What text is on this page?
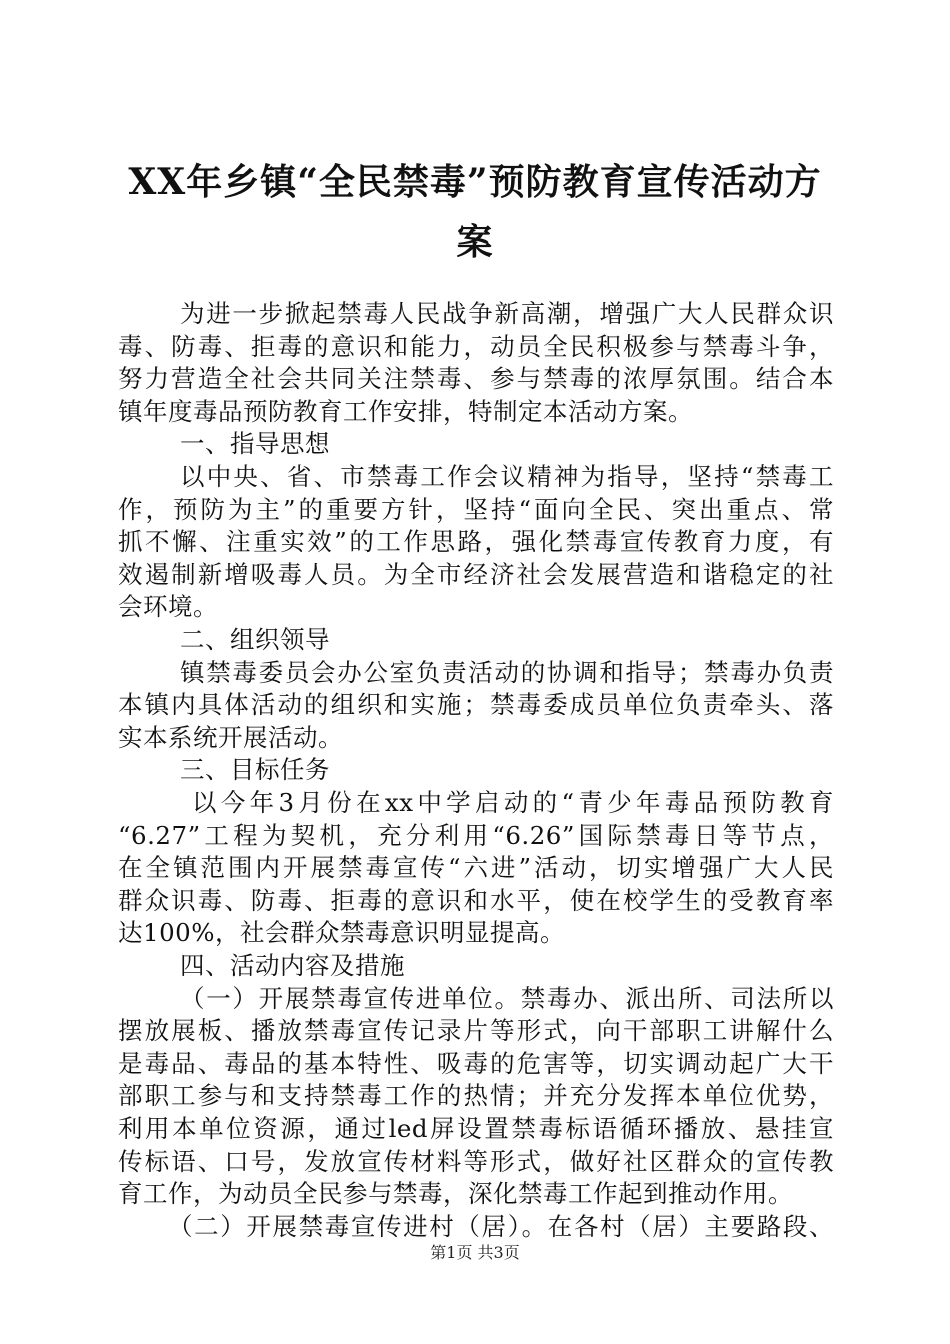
XX年乡镇“全民禁毒”预防教育宣传活动方
案
为进一步掀起禁毒人民战争新高潮，增强广大人民群众识
毒、防毒、拒毒的意识和能力，动员全民积极参与禁毒斗争，
努力营造全社会共同关注禁毒、参与禁毒的浓厚氛围。结合本
镇年度毒品预防教育工作安排，特制定本活动方案。
一、指导思想
以中央、省、市禁毒工作会议精神为指导，坚持“禁毒工
作，预防为主”的重要方针，坚持“面向全民、突出重点、常
抓不懈、注重实效”的工作思路，强化禁毒宣传教育力度，有
效遏制新增吸毒人员。为全市经济社会发展营造和谐稳定的社
会环境。
二、组织领导
镇禁毒委员会办公室负责活动的协调和指导；禁毒办负责
本镇内具体活动的组织和实施；禁毒委成员单位负责牵头、落
实本系统开展活动。
三、目标任务
以今年3月份在xx中学启动的“青少年毒品预防教育
“6.27”工程为契机，充分利用“6.26”国际禁毒日等节点，
在全镇范围内开展禁毒宣传“六进”活动，切实增强广大人民
群众识毒、防毒、拒毒的意识和水平，使在校学生的受教育率
达100%，社会群众禁毒意识明显提高。
四、活动内容及措施
（一）开展禁毒宣传进单位。禁毒办、派出所、司法所以
摆放展板、播放禁毒宣传记录片等形式，向干部职工讲解什么
是毒品、毒品的基本特性、吸毒的危害等，切实调动起广大干
部职工参与和支持禁毒工作的热情；并充分发挥本单位优势，
利用本单位资源，通过led屏设置禁毒标语循环播放、悬挂宣
传标语、口号，发放宣传材料等形式，做好社区群众的宣传教
育工作，为动员全民参与禁毒，深化禁毒工作起到推动作用。
（二）开展禁毒宣传进村（居）。在各村（居）主要路段、
第1页 共3页
